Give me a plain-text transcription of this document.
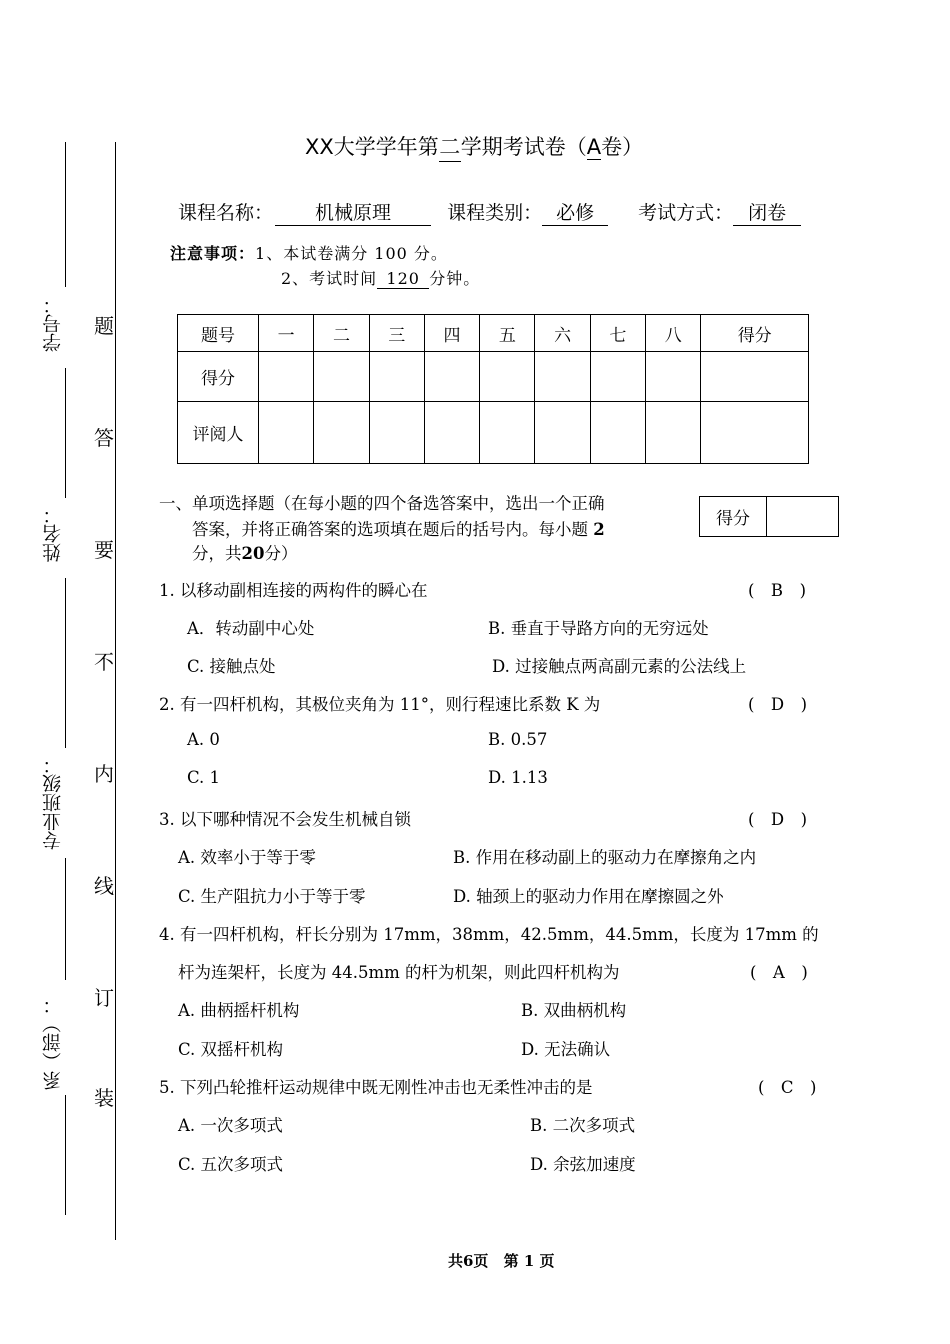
学号：
姓名：
专业班级：
系（部）：
题
答
要
不
内
线
订
装
XX大学学年第二学期考试卷（A卷）
课程名称： 机械原理	课程类别： 必修 考试方式： 闭卷
注意事项：1、本试卷满分 100 分。
2、考试时间 120 分钟。
题号	一	二	三	四	五	六	七	八	得分
得分									
评阅人									
一、单项选择题（在每小题的四个备选答案中，选出一个正确
答案，并将正确答案的选项填在题后的括号内。每小题 2
分，共20分）
得分	
1. 以移动副相连接的两构件的瞬心在	(　B　)
A．转动副中心处	B. 垂直于导路方向的无穷远处
C. 接触点处	D. 过接触点两高副元素的公法线上
2. 有一四杆机构，其极位夹角为 11°，则行程速比系数 K 为	(　D　)
A. 0	B. 0.57
C. 1	D. 1.13
3. 以下哪种情况不会发生机械自锁	(　D　)
A. 效率小于等于零	B. 作用在移动副上的驱动力在摩擦角之内
C. 生产阻抗力小于等于零	D. 轴颈上的驱动力作用在摩擦圆之外
4. 有一四杆机构，杆长分别为 17mm，38mm，42.5mm，44.5mm，长度为 17mm 的
杆为连架杆，长度为 44.5mm 的杆为机架，则此四杆机构为	(　A　)
A. 曲柄摇杆机构	B. 双曲柄机构
C. 双摇杆机构	D. 无法确认
5. 下列凸轮推杆运动规律中既无刚性冲击也无柔性冲击的是	(　C　)
A. 一次多项式	B. 二次多项式
C. 五次多项式	D. 余弦加速度
共6页 第 1 页
